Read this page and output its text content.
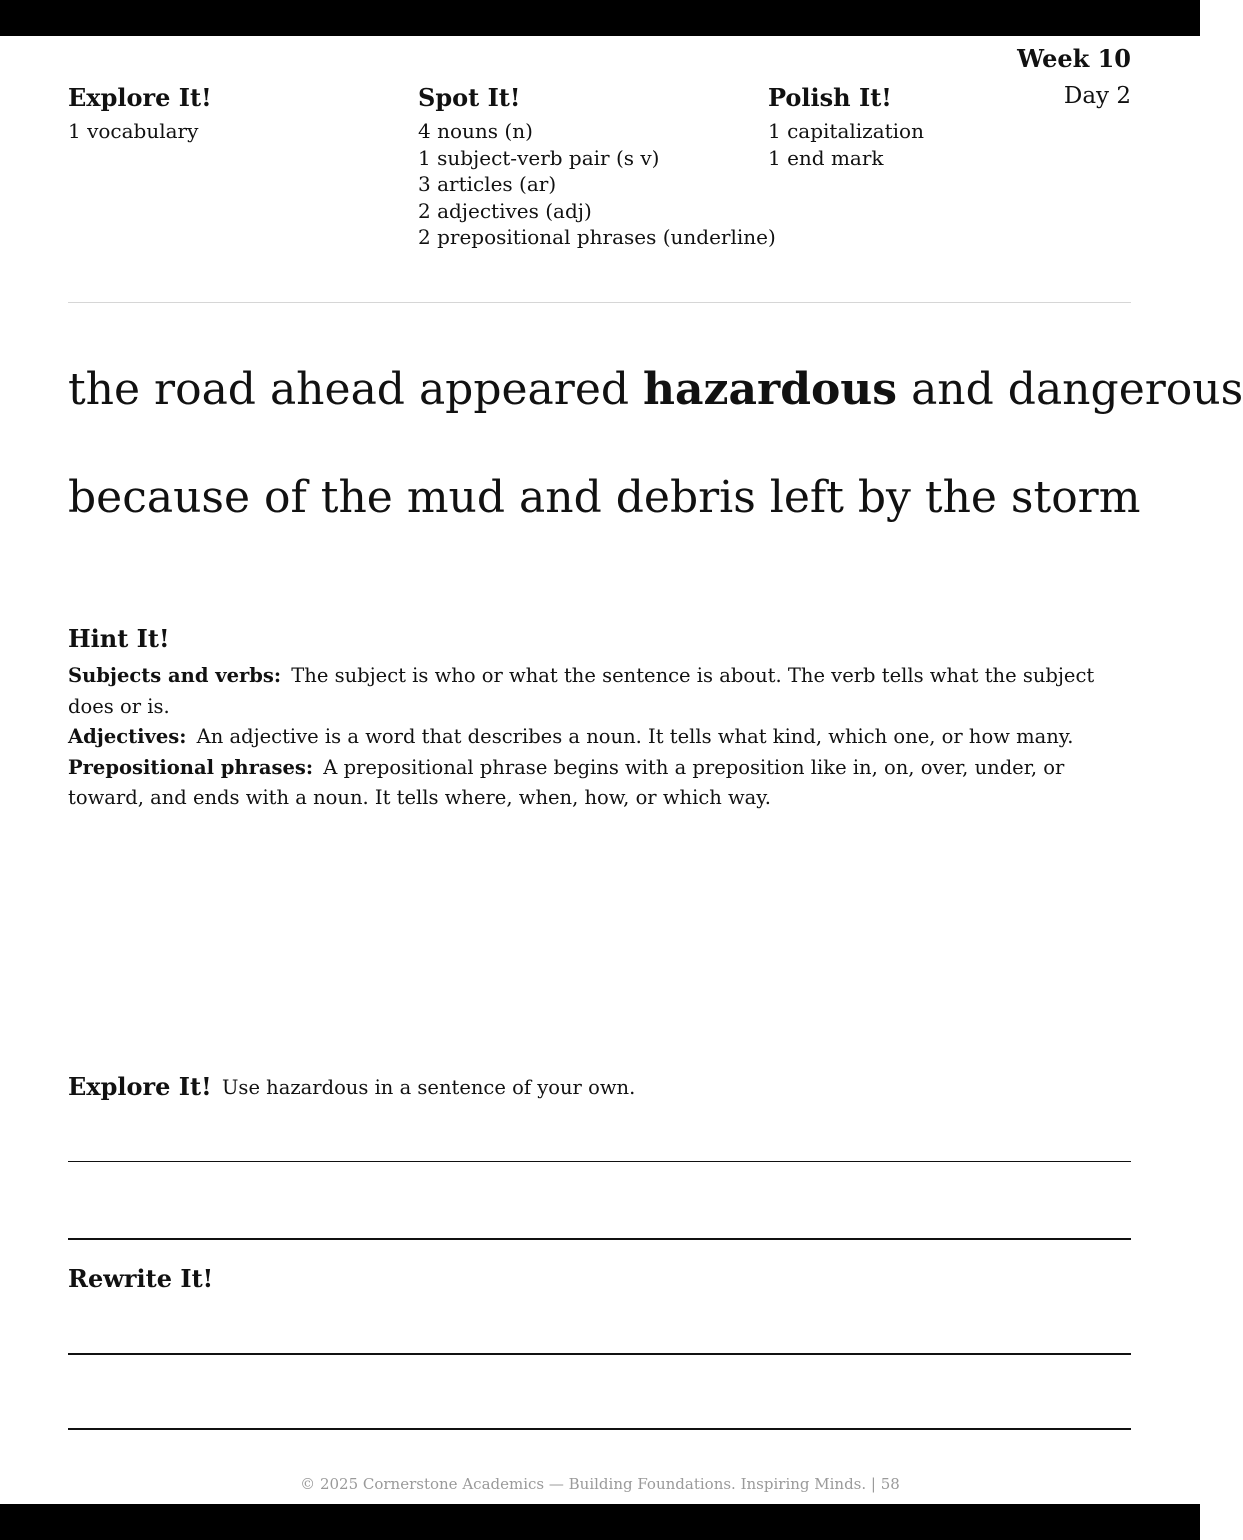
Week 10
Day 2
Explore It!
1 vocabulary
Spot It!
4 nouns (n)
1 subject-verb pair (s v)
3 articles (ar)
2 adjectives (adj)
2 prepositional phrases (underline)
Polish It!
1 capitalization
1 end mark
the road ahead appeared hazardous and dangerous
because of the mud and debris left by the storm
Hint It!

Subjects and verbs: The subject is who or what the sentence is about. The verb tells what the subject does or is.

Adjectives: An adjective is a word that describes a noun. It tells what kind, which one, or how many.

Prepositional phrases: A prepositional phrase begins with a preposition like in, on, over, under, or toward, and ends with a noun. It tells where, when, how, or which way.

Explore It! Use hazardous in a sentence of your own.
Rewrite It!
© 2025 Cornerstone Academics — Building Foundations. Inspiring Minds. | 58
